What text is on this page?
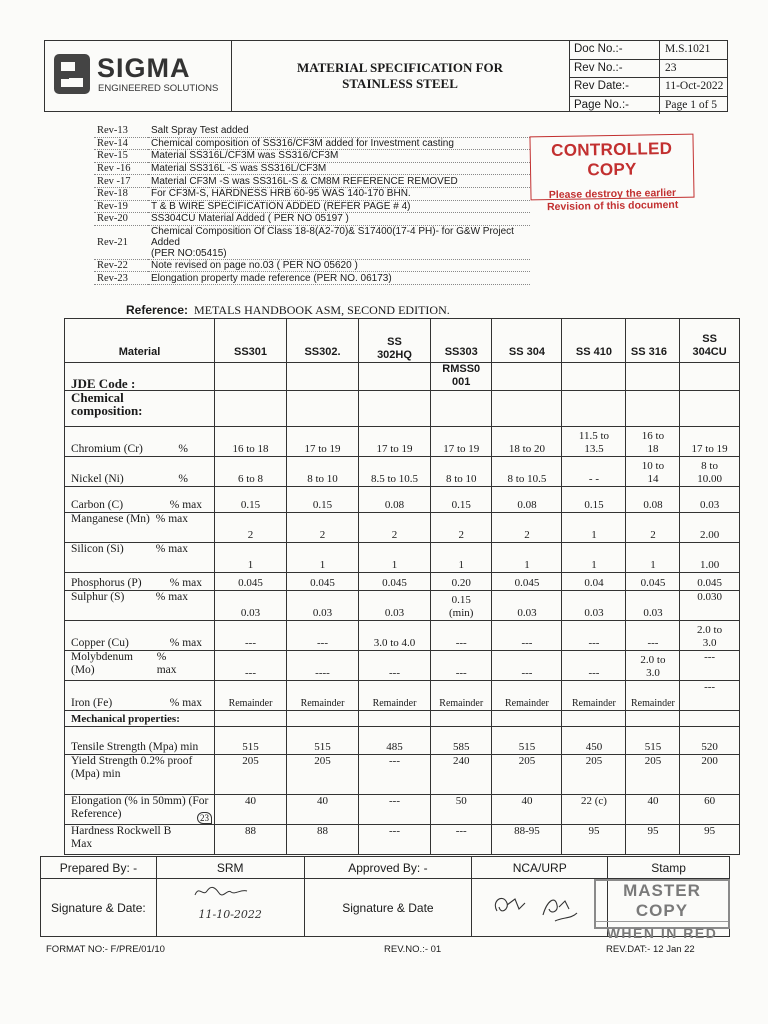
SIGMA
ENGINEERED SOLUTIONS
MATERIAL SPECIFICATION FOR
STAINLESS STEEL
Doc No.:-	M.S.1021
Rev No.:-	23
Rev Date:-	11-Oct-2022
Page No.:-	Page 1 of 5
Rev-13	Salt Spray Test added
Rev-14	Chemical composition of SS316/CF3M added for Investment casting
Rev-15	Material SS316L/CF3M was SS316/CF3M
Rev -16	Material SS316L -S was SS316L/CF3M
Rev -17	Material CF3M -S was SS316L-S & CM8M REFERENCE REMOVED
Rev-18	For CF3M-S, HARDNESS HRB 60-95 WAS 140-170 BHN.
Rev-19	T & B WIRE SPECIFICATION ADDED (REFER PAGE # 4)
Rev-20	SS304CU Material Added ( PER NO 05197 )
Rev-21	Chemical Composition Of Class 18-8(A2-70)& S17400(17-4 PH)- for G&W Project Added
(PER NO:05415)

Rev-22	Note revised on page no.03 ( PER NO 05620 )
Rev-23	Elongation property made reference (PER NO. 06173)
CONTROLLED COPY
Please destroy the earlier
Revision of this document
Reference: METALS HANDBOOK ASM, SECOND EDITION.
Material	SS301	SS302.	SS 302HQ	SS303	SS 304	SS 410	SS 316	SS 304CU
JDE Code :				RMSS0 001				
Chemical composition:								

Chromium (Cr) %	16 to 18	17 to 19	17 to 19	17 to 19	18 to 20	11.5 to 13.5	16 to 18	17 to 19

Nickel (Ni) %	6 to 8	8 to 10	8.5 to 10.5	8 to 10	8 to 10.5	- -	10 to 14	8 to 10.00

Carbon (C) % max	0.15	0.15	0.08	0.15	0.08	0.15	0.08	0.03

Manganese (Mn) % max	2	2	2	2	2	1	2	2.00

Silicon (Si) % max	1	1	1	1	1	1	1	1.00

Phosphorus (P) % max	0.045	0.045	0.045	0.20	0.045	0.04	0.045	0.045

Sulphur (S) % max	0.03	0.03	0.03	0.15 (min)	0.03	0.03	0.03	0.030

Copper (Cu) % max	---	---	3.0 to 4.0	---	---	---	---	2.0 to 3.0

Molybdenum (Mo)
% max	---	----	---	---	---	---	2.0 to 3.0	---

Iron (Fe) % max	Remainder	Remainder	Remainder	Remainder	Remainder	Remainder	Remainder	---
Mechanical properties:								
Tensile Strength (Mpa) min	515	515	485	585	515	450	515	520
Yield Strength 0.2% proof (Mpa) min	205	205	---	240	205	205	205	200
Elongation (% in 50mm) (For Reference) 23	40	40	---	50	40	22 (c)	40	60
Hardness Rockwell B Max	88	88	---	---	88-95	95	95	95
Prepared By: -	SRM	Approved By: -	NCA/URP	Stamp
Signature & Date:	11-10-2022	Signature & Date		
MASTER COPY
WHEN IN RED
FORMAT NO:- F/PRE/01/10	REV.NO.:- 01	REV.DAT:- 12 Jan 22
